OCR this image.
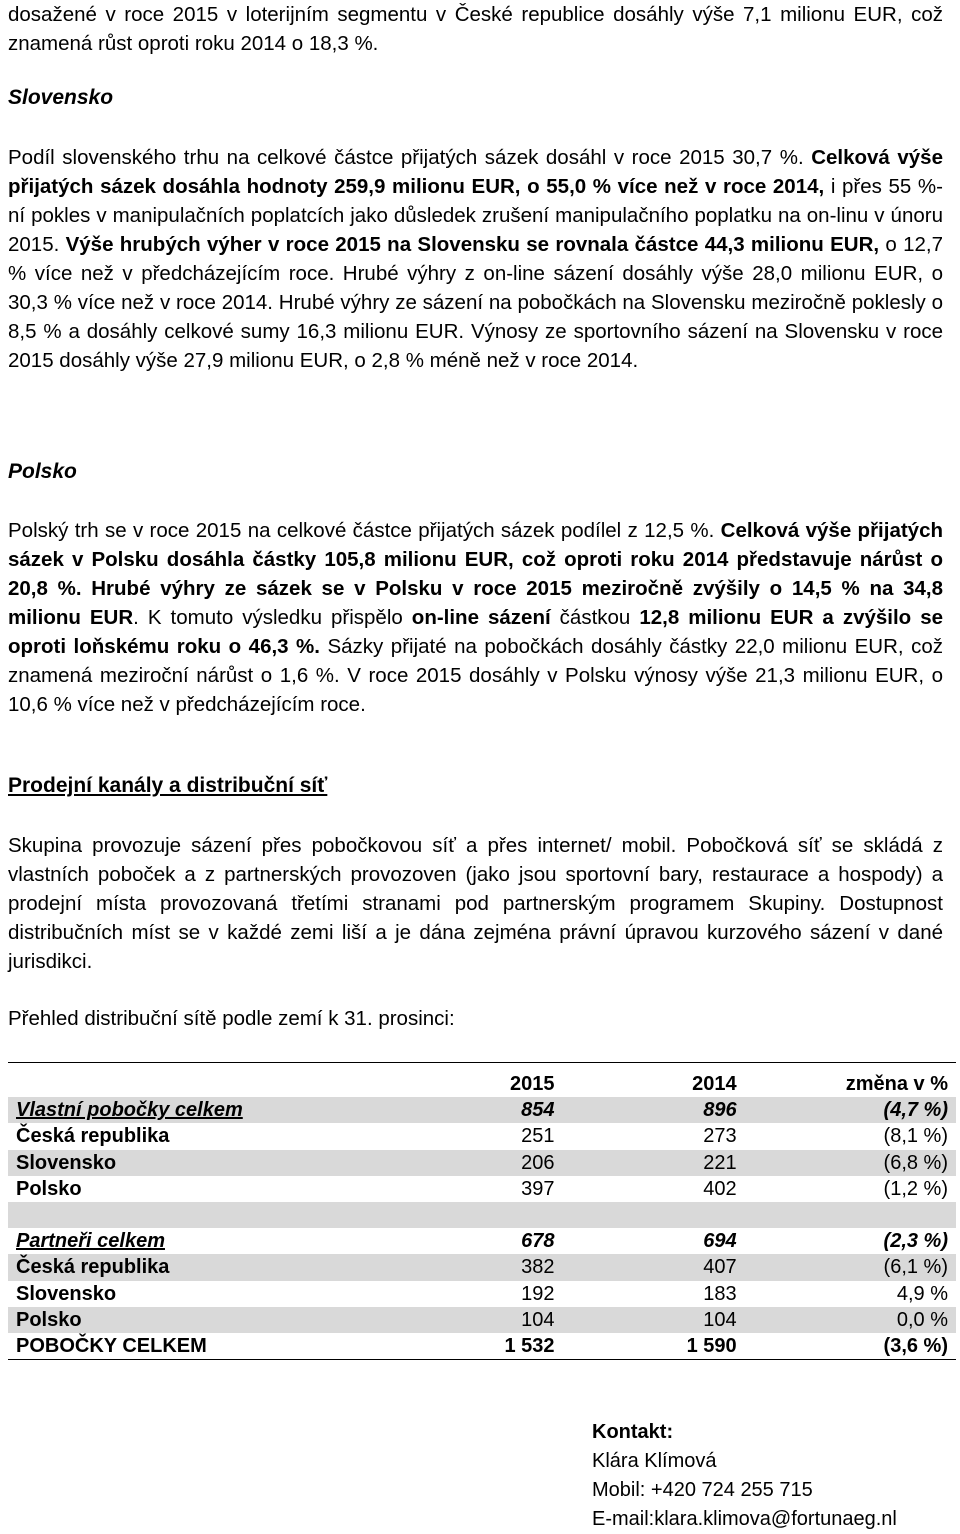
dosažené v roce 2015 v loterijním segmentu v České republice dosáhly výše 7,1 milionu EUR, což znamená růst oproti roku 2014 o 18,3 %.

Slovensko

Podíl slovenského trhu na celkové částce přijatých sázek dosáhl v roce 2015 30,7 %. Celková výše přijatých sázek dosáhla hodnoty 259,9 milionu EUR, o 55,0 % více než v roce 2014, i přes 55 %-ní pokles v manipulačních poplatcích jako důsledek zrušení manipulačního poplatku na on-linu v únoru 2015. Výše hrubých výher v roce 2015 na Slovensku se rovnala částce 44,3 milionu EUR, o 12,7 % více než v předcházejícím roce. Hrubé výhry z on-line sázení dosáhly výše 28,0 milionu EUR, o 30,3 % více než v roce 2014. Hrubé výhry ze sázení na pobočkách na Slovensku meziročně poklesly o 8,5 % a dosáhly celkové sumy 16,3 milionu EUR. Výnosy ze sportovního sázení na Slovensku v roce 2015 dosáhly výše 27,9 milionu EUR, o 2,8 % méně než v roce 2014.

Polsko

Polský trh se v roce 2015 na celkové částce přijatých sázek podílel z 12,5 %. Celková výše přijatých sázek v Polsku dosáhla částky 105,8 milionu EUR, což oproti roku 2014 představuje nárůst o 20,8 %. Hrubé výhry ze sázek se v Polsku v roce 2015 meziročně zvýšily o 14,5 % na 34,8 milionu EUR. K tomuto výsledku přispělo on-line sázení částkou 12,8 milionu EUR a zvýšilo se oproti loňskému roku o 46,3 %. Sázky přijaté na pobočkách dosáhly částky 22,0 milionu EUR, což znamená meziroční nárůst o 1,6 %. V roce 2015 dosáhly v Polsku výnosy výše 21,3 milionu EUR, o 10,6 % více než v předcházejícím roce.

Prodejní kanály a distribuční síť

Skupina provozuje sázení přes pobočkovou síť a přes internet/ mobil. Pobočková síť se skládá z vlastních poboček a z partnerských provozoven (jako jsou sportovní bary, restaurace a hospody) a prodejní místa provozovaná třetími stranami pod partnerským programem Skupiny. Dostupnost distribučních míst se v každé zemi liší a je dána zejména právní úpravou kurzového sázení v dané jurisdikci.

Přehled distribuční sítě podle zemí k 31. prosinci:

	2015	2014	změna v %
Vlastní pobočky celkem	854	896	(4,7 %)
Česká republika	251	273	(8,1 %)
Slovensko	206	221	(6,8 %)
Polsko	397	402	(1,2 %)

Partneři celkem	678	694	(2,3 %)
Česká republika	382	407	(6,1 %)
Slovensko	192	183	4,9 %
Polsko	104	104	0,0 %
POBOČKY CELKEM	1 532	1 590	(3,6 %)
Kontakt:
Klára Klímová
Mobil: +420 724 255 715
E-mail:klara.klimova@fortunaeg.nl
